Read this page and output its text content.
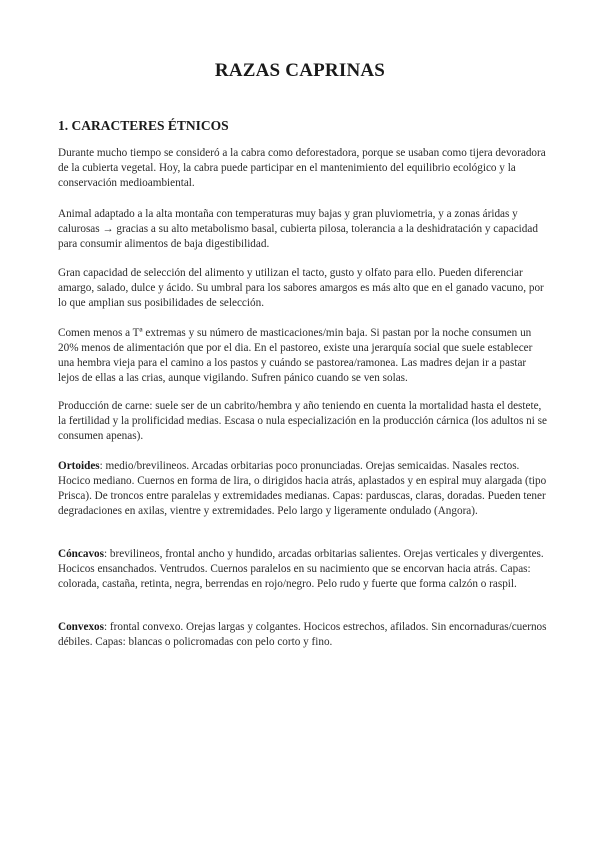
RAZAS CAPRINAS
1. CARACTERES ÉTNICOS

Durante mucho tiempo se consideró a la cabra como deforestadora, porque se usaban como tijera devoradora de la cubierta vegetal. Hoy, la cabra puede participar en el mantenimiento del equilibrio ecológico y la conservación medioambiental.

Animal adaptado a la alta montaña con temperaturas muy bajas y gran pluviometria, y a zonas áridas y calurosas → gracias a su alto metabolismo basal, cubierta pilosa, tolerancia a la deshidratación y capacidad para consumir alimentos de baja digestibilidad.

Gran capacidad de selección del alimento y utilizan el tacto, gusto y olfato para ello. Pueden diferenciar amargo, salado, dulce y ácido. Su umbral para los sabores amargos es más alto que en el ganado vacuno, por lo que amplian sus posibilidades de selección.

Comen menos a Tª extremas y su número de masticaciones/min baja. Si pastan por la noche consumen un 20% menos de alimentación que por el dia. En el pastoreo, existe una jerarquía social que suele establecer una hembra vieja para el camino a los pastos y cuándo se pastorea/ramonea. Las madres dejan ir a pastar lejos de ellas a las crias, aunque vigilando. Sufren pánico cuando se ven solas.

Producción de carne: suele ser de un cabrito/hembra y año teniendo en cuenta la mortalidad hasta el destete, la fertilidad y la prolificidad medias. Escasa o nula especialización en la producción cárnica (los adultos ni se consumen apenas).

Ortoides: medio/brevilineos. Arcadas orbitarias poco pronunciadas. Orejas semicaidas. Nasales rectos. Hocico mediano. Cuernos en forma de lira, o dirigidos hacia atrás, aplastados y en espiral muy alargada (tipo Prisca). De troncos entre paralelas y extremidades medianas. Capas: parduscas, claras, doradas. Pueden tener degradaciones en axilas, vientre y extremidades. Pelo largo y ligeramente ondulado (Angora).

Cóncavos: brevilineos, frontal ancho y hundido, arcadas orbitarias salientes. Orejas verticales y divergentes. Hocicos ensanchados. Ventrudos. Cuernos paralelos en su nacimiento que se encorvan hacia atrás. Capas: colorada, castaña, retinta, negra, berrendas en rojo/negro. Pelo rudo y fuerte que forma calzón o raspil.

Convexos: frontal convexo. Orejas largas y colgantes. Hocicos estrechos, afilados. Sin encornaduras/cuernos débiles. Capas: blancas o policromadas con pelo corto y fino.
